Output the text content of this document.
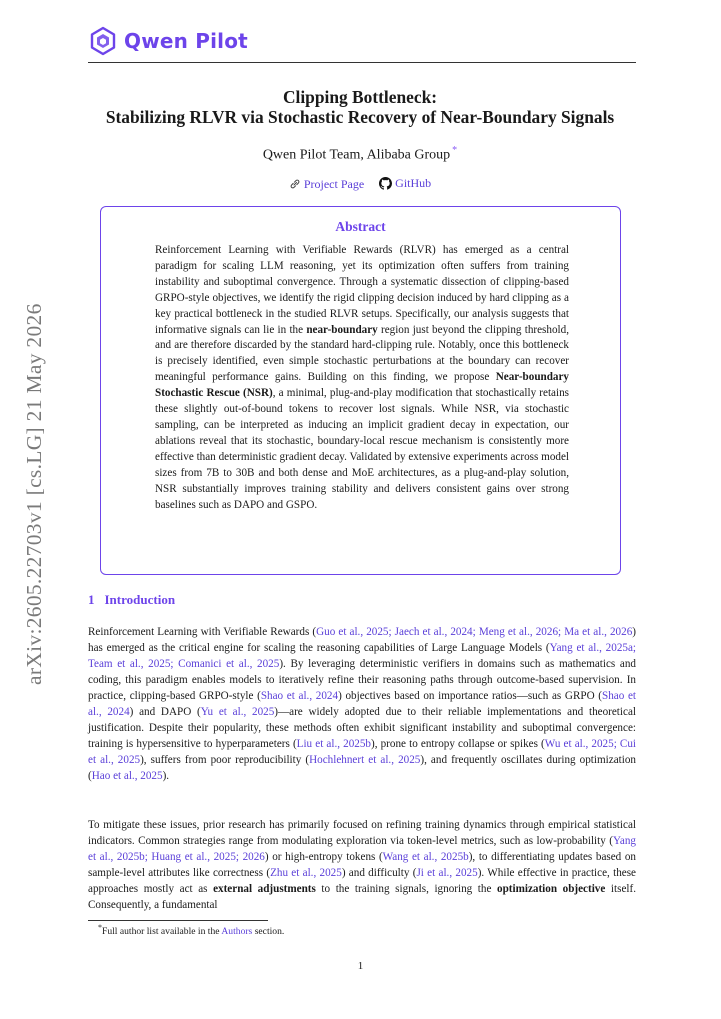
Qwen Pilot
arXiv:2605.22703v1 [cs.LG] 21 May 2026
Clipping Bottleneck:
Stabilizing RLVR via Stochastic Recovery of Near-Boundary Signals
Qwen Pilot Team, Alibaba Group *
Project Page
	GitHub
Abstract
Reinforcement Learning with Verifiable Rewards (RLVR) has emerged as a central paradigm for scaling LLM reasoning, yet its optimization often suffers from training instability and suboptimal convergence. Through a systematic dissection of clipping-based GRPO-style objectives, we identify the rigid clipping decision induced by hard clipping as a key practical bottleneck in the studied RLVR setups. Specifically, our analysis suggests that informative signals can lie in the near-boundary region just beyond the clipping threshold, and are therefore discarded by the standard hard-clipping rule. Notably, once this bottleneck is precisely identified, even simple stochastic perturbations at the boundary can recover meaningful performance gains. Building on this finding, we propose Near-boundary Stochastic Rescue (NSR), a minimal, plug-and-play modification that stochastically retains these slightly out-of-bound tokens to recover lost signals. While NSR, via stochastic sampling, can be interpreted as inducing an implicit gradient decay in expectation, our ablations reveal that its stochastic, boundary-local rescue mechanism is consistently more effective than deterministic gradient decay. Validated by extensive experiments across model sizes from 7B to 30B and both dense and MoE architectures, as a plug-and-play solution, NSR substantially improves training stability and delivers consistent gains over strong baselines such as DAPO and GSPO.
1 Introduction
Reinforcement Learning with Verifiable Rewards (Guo et al., 2025; Jaech et al., 2024; Meng et al., 2026; Ma et al., 2026) has emerged as the critical engine for scaling the reasoning capabilities of Large Language Models (Yang et al., 2025a; Team et al., 2025; Comanici et al., 2025). By leveraging deterministic verifiers in domains such as mathematics and coding, this paradigm enables models to iteratively refine their reasoning paths through outcome-based supervision. In practice, clipping-based GRPO-style (Shao et al., 2024) objectives based on importance ratios—such as GRPO (Shao et al., 2024) and DAPO (Yu et al., 2025)—are widely adopted due to their reliable implementations and theoretical justification. Despite their popularity, these methods often exhibit significant instability and suboptimal convergence: training is hypersensitive to hyperparameters (Liu et al., 2025b), prone to entropy collapse or spikes (Wu et al., 2025; Cui et al., 2025), suffers from poor reproducibility (Hochlehnert et al., 2025), and frequently oscillates during optimization (Hao et al., 2025).
To mitigate these issues, prior research has primarily focused on refining training dynamics through empirical statistical indicators. Common strategies range from modulating exploration via token-level metrics, such as low-probability (Yang et al., 2025b; Huang et al., 2025; 2026) or high-entropy tokens (Wang et al., 2025b), to differentiating updates based on sample-level attributes like correctness (Zhu et al., 2025) and difficulty (Ji et al., 2025). While effective in practice, these approaches mostly act as external adjustments to the training signals, ignoring the optimization objective itself. Consequently, a fundamental
*Full author list available in the Authors section.
1
